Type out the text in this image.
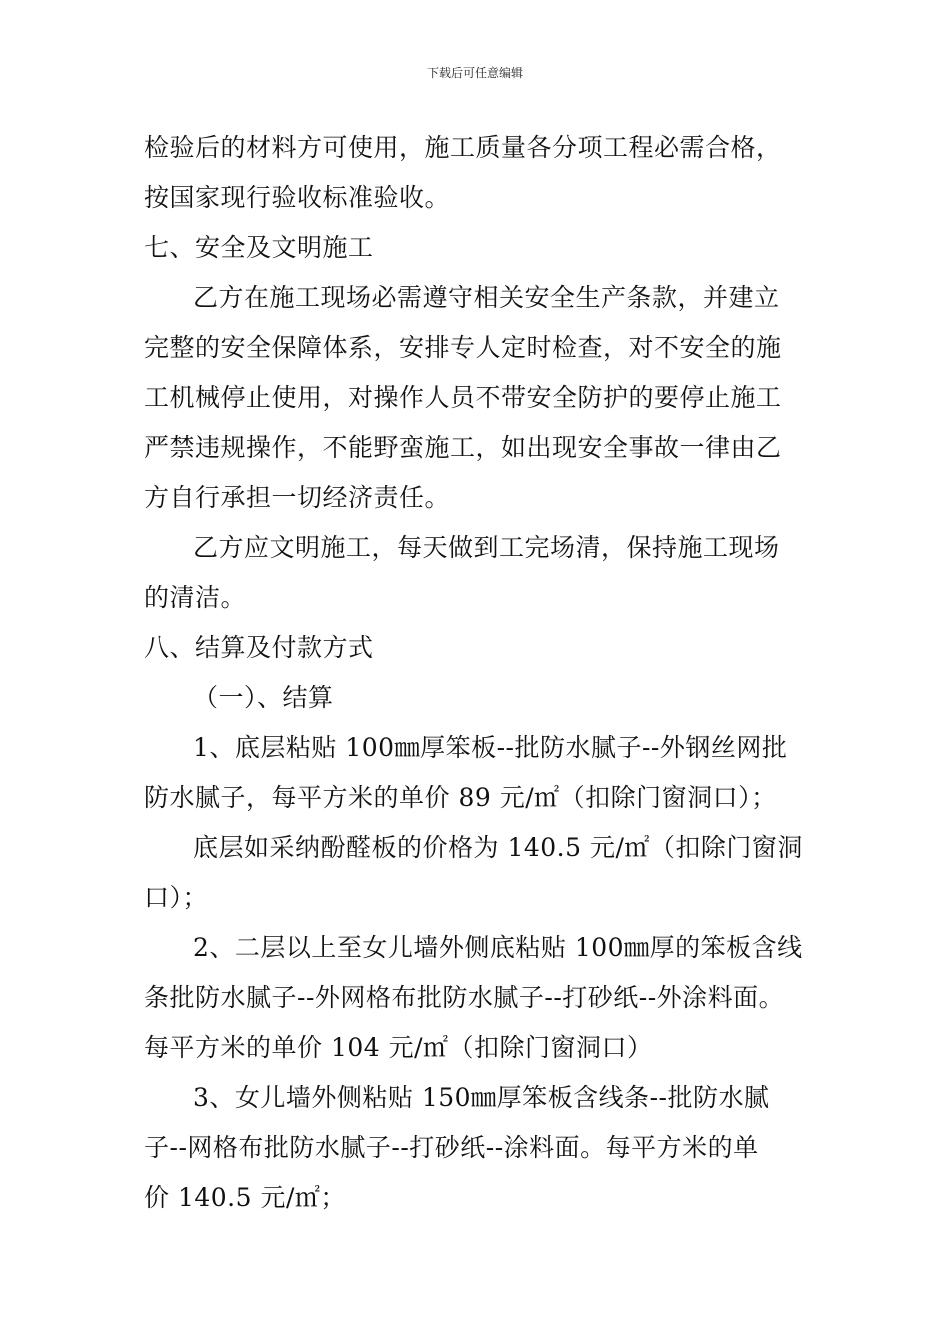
下载后可任意编辑
检验后的材料方可使用，施工质量各分项工程必需合格，
按国家现行验收标准验收。
七、安全及文明施工
乙方在施工现场必需遵守相关安全生产条款，并建立
完整的安全保障体系，安排专人定时检查，对不安全的施
工机械停止使用，对操作人员不带安全防护的要停止施工
严禁违规操作，不能野蛮施工，如出现安全事故一律由乙
方自行承担一切经济责任。
乙方应文明施工，每天做到工完场清，保持施工现场
的清洁。
八、结算及付款方式
（一）、结算
1、底层粘贴 100㎜厚笨板--批防水腻子--外钢丝网批
防水腻子，每平方米的单价 89 元/㎡（扣除门窗洞口）；
底层如采纳酚醛板的价格为 140.5 元/㎡（扣除门窗洞
口）；
2、二层以上至女儿墙外侧底粘贴 100㎜厚的笨板含线
条批防水腻子--外网格布批防水腻子--打砂纸--外涂料面。
每平方米的单价 104 元/㎡（扣除门窗洞口）
3、女儿墙外侧粘贴 150㎜厚笨板含线条--批防水腻
子--网格布批防水腻子--打砂纸--涂料面。每平方米的单
价 140.5 元/㎡；
